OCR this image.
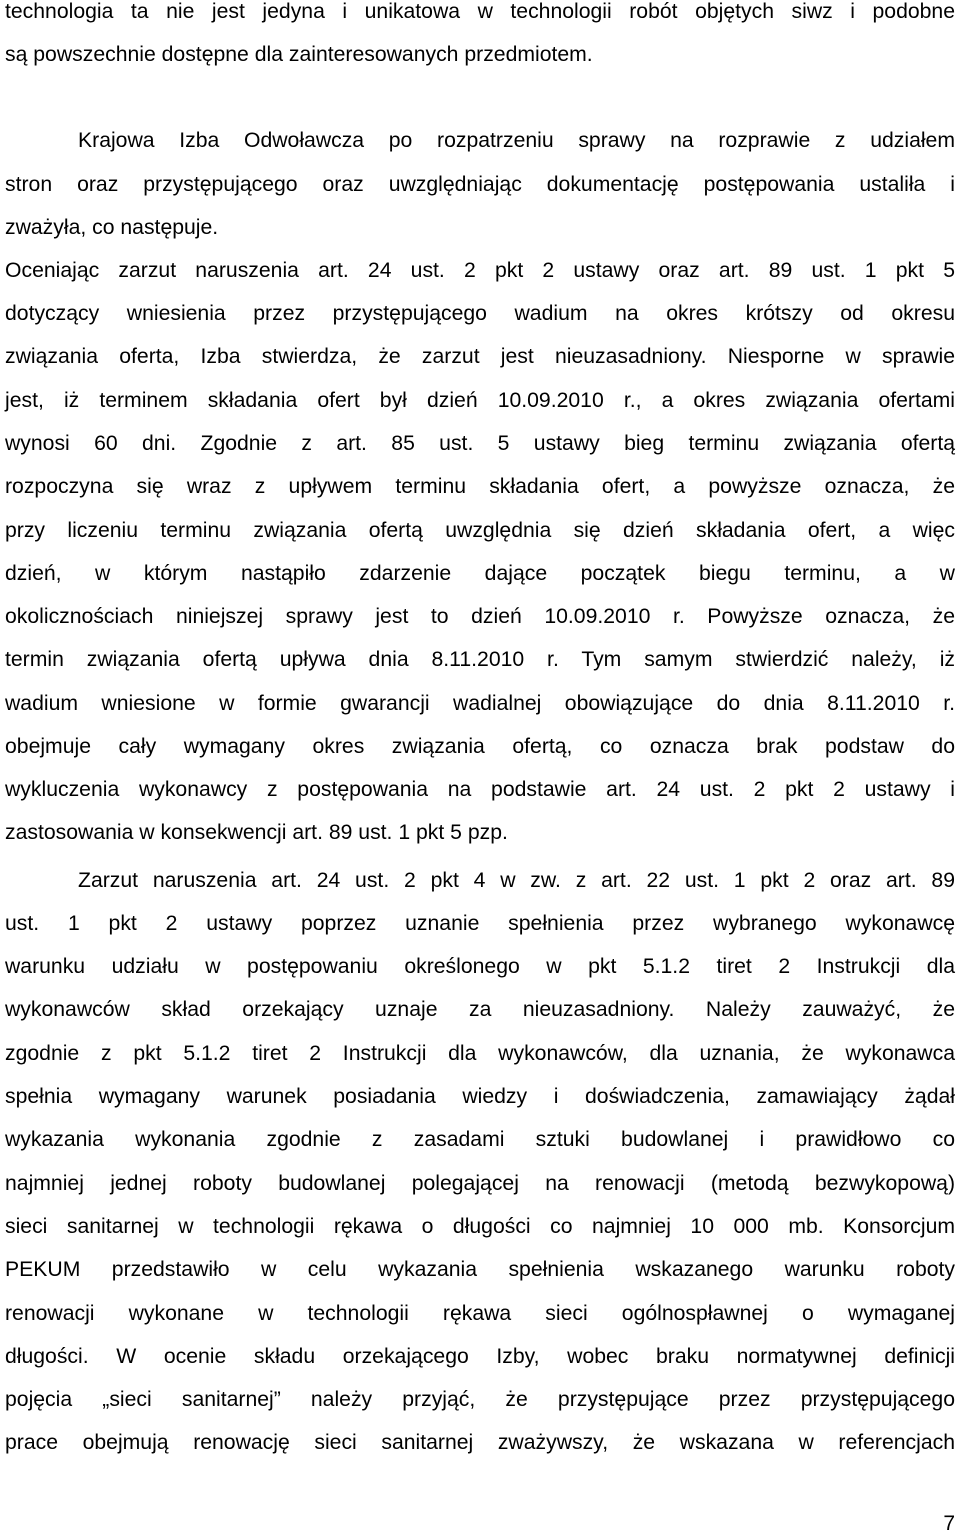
technologia ta nie jest jedyna i unikatowa w technologii robót objętych siwz i podobne
są powszechnie dostępne dla zainteresowanych przedmiotem.
Krajowa Izba Odwoławcza po rozpatrzeniu sprawy na rozprawie z udziałem
stron oraz przystępującego oraz uwzględniając dokumentację postępowania ustaliła i
zważyła, co następuje.
Oceniając zarzut naruszenia art. 24 ust. 2 pkt 2 ustawy oraz art. 89 ust. 1 pkt 5
dotyczący wniesienia przez przystępującego wadium na okres krótszy od okresu
związania oferta, Izba stwierdza, że zarzut jest nieuzasadniony. Niesporne w sprawie
jest, iż terminem składania ofert był dzień 10.09.2010 r., a okres związania ofertami
wynosi 60 dni. Zgodnie z art. 85 ust. 5 ustawy bieg terminu związania ofertą
rozpoczyna się wraz z upływem terminu składania ofert, a powyższe oznacza, że
przy liczeniu terminu związania ofertą uwzględnia się dzień składania ofert, a więc
dzień, w którym nastąpiło zdarzenie dające początek biegu terminu, a w
okolicznościach niniejszej sprawy jest to dzień 10.09.2010 r. Powyższe oznacza, że
termin związania ofertą upływa dnia 8.11.2010 r. Tym samym stwierdzić należy, iż
wadium wniesione w formie gwarancji wadialnej obowiązujące do dnia 8.11.2010 r.
obejmuje cały wymagany okres związania ofertą, co oznacza brak podstaw do
wykluczenia wykonawcy z postępowania na podstawie art. 24 ust. 2 pkt 2 ustawy i
zastosowania w konsekwencji art. 89 ust. 1 pkt 5 pzp.
Zarzut naruszenia art. 24 ust. 2 pkt 4 w zw. z art. 22 ust. 1 pkt 2 oraz art. 89
ust. 1 pkt 2 ustawy poprzez uznanie spełnienia przez wybranego wykonawcę
warunku udziału w postępowaniu określonego w pkt 5.1.2 tiret 2 Instrukcji dla
wykonawców skład orzekający uznaje za nieuzasadniony. Należy zauważyć, że
zgodnie z pkt 5.1.2 tiret 2 Instrukcji dla wykonawców, dla uznania, że wykonawca
spełnia wymagany warunek posiadania wiedzy i doświadczenia, zamawiający żądał
wykazania wykonania zgodnie z zasadami sztuki budowlanej i prawidłowo co
najmniej jednej roboty budowlanej polegającej na renowacji (metodą bezwykopową)
sieci sanitarnej w technologii rękawa o długości co najmniej 10 000 mb. Konsorcjum
PEKUM przedstawiło w celu wykazania spełnienia wskazanego warunku roboty
renowacji wykonane w technologii rękawa sieci ogólnospławnej o wymaganej
długości. W ocenie składu orzekającego Izby, wobec braku normatywnej definicji
pojęcia „sieci sanitarnej” należy przyjąć, że przystępujące przez przystępującego
prace obejmują renowację sieci sanitarnej zważywszy, że wskazana w referencjach
7
